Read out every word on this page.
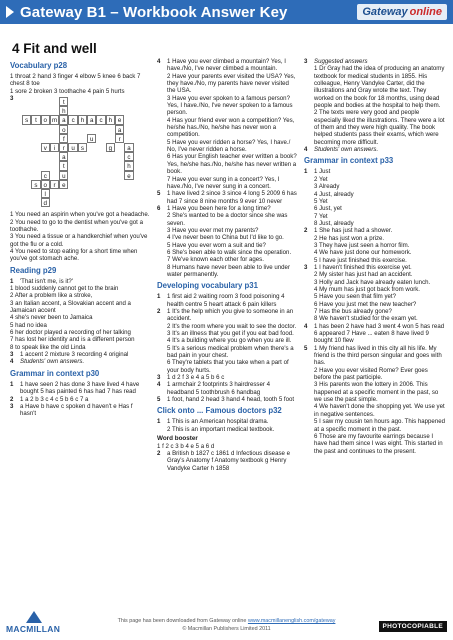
Gateway B1 – Workbook Answer Key	Gateway online
4 Fit and well
Vocabulary p28
1 throat 2 hand 3 finger 4 elbow 5 knee 6 back 7 chest 8 toe
1 sore 2 broken 3 toothache 4 pain 5 hurts
3
t
h
s	t	o m a c h a c h e
o	a
f	u	r
v	i	r	u s	g	a
a	c
t	h
c	u	e
s o	r	e
l
d
1 You need an aspirin when you've got a headache.
2 You need to go to the dentist when you've got a toothache.
3 You need a tissue or a handkerchief when you've got the flu or a cold.
4 You need to stop eating for a short time when you've got stomach ache.
Reading p29
1	'That isn't me, is it?'
1 blood suddenly cannot get to the brain
2 After a problem like a stroke,
3 an Italian accent, a Slovakian accent and a Jamaican accent
4 she's never been to Jamaica
5 had no idea
6 her doctor played a recording of her talking
7 has lost her identity and is a different person
8 to speak like the old Linda
3	1 accent 2 mixture 3 recording 4 original
4	Students' own answers.
Grammar in context p30
1	1 have seen 2 has done 3 have lived 4 have bought 5 has painted 6 has had 7 has read
2	1 a 2 b 3 c 4 c 5 b 6 c 7 a
3	a Have b have c spoken d haven't e Has f hasn't
4	1 Have you ever climbed a mountain? Yes, I have./No, I've never climbed a mountain.
2 Have your parents ever visited the USA? Yes, they have./No, my parents have never visited the USA.
3 Have you ever spoken to a famous person? Yes, I have./No, I've never spoken to a famous person.
4 Has your friend ever won a competition? Yes, he/she has./No, he/she has never won a competition.
5 Have you ever ridden a horse? Yes, I have./ No, I've never ridden a horse.
6 Has your English teacher ever written a book? Yes, he/she has./No, he/she has never written a book.
7 Have you ever sung in a concert? Yes, I have./No, I've never sung in a concert.
5	1 have lived 2 since 3 since 4 long 5 2009 6 has had 7 since 8 nine months 9 ever 10 never
6	1 Have you been here for a long time?
2 She's wanted to be a doctor since she was seven.
3 Have you ever met my parents?
4 I've never been to China but I'd like to go.
5 Have you ever worn a suit and tie?
6 She's been able to walk since the operation.
7 We've known each other for ages.
8 Humans have never been able to live under water permanently.
Developing vocabulary p31
1	1 first aid 2 waiting room 3 food poisoning 4 health centre 5 heart attack 6 pain killers
2	1 It's the help which you give to someone in an accident.
2 It's the room where you wait to see the doctor.
3 It's an illness that you get if you eat bad food.
4 It's a building where you go when you are ill.
5 It's a serious medical problem when there's a bad pain in your chest.
6 They're tablets that you take when a part of your body hurts.
3	1 d 2 f 3 e 4 a 5 b 6 c
4	1 armchair 2 footprints 3 hairdresser 4 headband 5 toothbrush 6 handbag
5	1 foot, hand 2 head 3 hand 4 head, tooth 5 foot
Click onto ... Famous doctors p32
1	1 This is an American hospital drama.
2 This is an important medical textbook.
Word booster
1 f 2 c 3 b 4 e 5 a 6 d
2	a British b 1827 c 1861 d Infectious disease e Gray's Anatomy f Anatomy textbook g Henry Vandyke Carter h 1858
3	Suggested answers
1 Dr Gray had the idea of producing an anatomy textbook for medical students in 1855. His colleague, Henry Vandyke Carter, did the illustrations and Gray wrote the text. They worked on the book for 18 months, using dead people and bodies at the hospital to help them.
2 The texts were very good and people especially liked the illustrations. There were a lot of them and they were high quality. The book helped students pass their exams, which were becoming more difficult.
4	Students' own answers.
Grammar in context p33
1	1 Just
2 Yet
3 Already
4 Just, already
5 Yet
6 Just, yet
7 Yet
8 Just, already
2	1 She has just had a shower.
2 He has just won a prize.
3 They have just seen a horror film.
4 We have just done our homework.
5 I have just finished this exercise.
3	1 I haven't finished this exercise yet.
2 My sister has just had an accident.
3 Holly and Jack have already eaten lunch.
4 My mum has just got back from work.
5 Have you seen that film yet?
6 Have you just met the new teacher?
7 Has the bus already gone?
8 We haven't studied for the exam yet.
4	1 has been 2 have had 3 went 4 won 5 has read 6 appeared 7 Have ... eaten 8 have lived 9 bought 10 flew
5	1 My friend has lived in this city all his life. My friend is the third person singular and goes with has.
2 Have you ever visited Rome? Ever goes before the past participle.
3 His parents won the lottery in 2006. This happened at a specific moment in the past, so we use the past simple.
4 We haven't done the shopping yet. We use yet in negative sentences.
5 I saw my cousin ten hours ago. This happened at a specific moment in the past.
6 Those are my favourite earrings because I have had them since I was eight. This started in the past and continues to the present.
MACMILLAN
This page has been downloaded from Gateway online www.macmillanenglish.com/gateway
© Macmillan Publishers Limited 2011	PHOTOCOPIABLE
